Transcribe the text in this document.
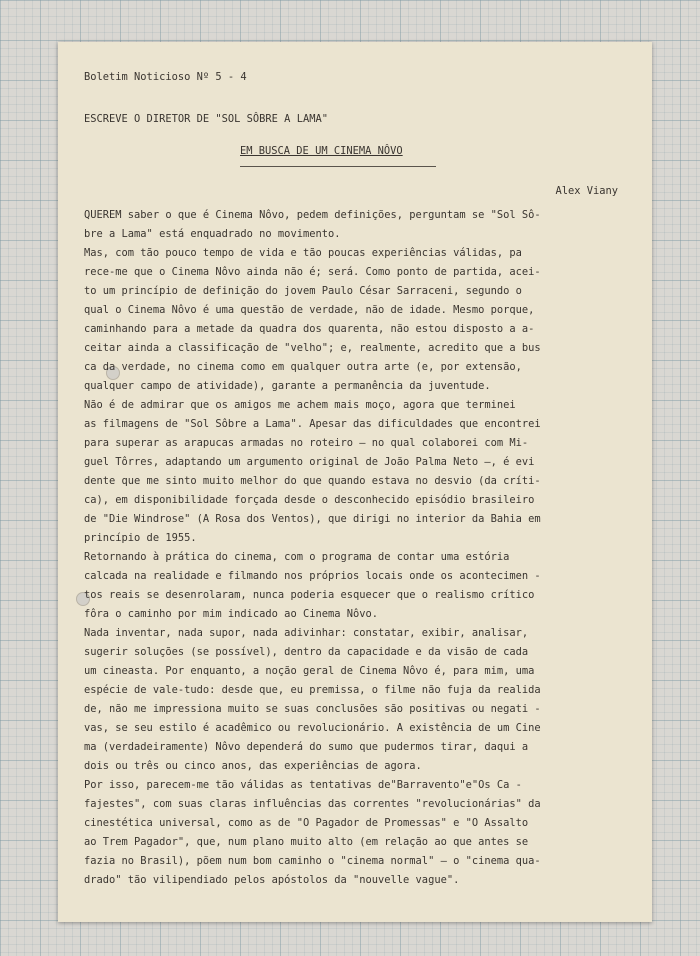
Boletim Noticioso Nº 5 - 4
ESCREVE O DIRETOR DE "SOL SÔBRE A LAMA"
EM BUSCA DE UM CINEMA NÔVO
Alex Viany
QUEREM saber o que é Cinema Nôvo, pedem definições, perguntam se "Sol Sô-
bre a Lama" está enquadrado no movimento.
Mas, com tão pouco tempo de vida e tão poucas experiências válidas, pa
rece-me que o Cinema Nôvo ainda não é; será. Como ponto de partida, acei-
to um princípio de definição do jovem Paulo César Sarraceni, segundo o
qual o Cinema Nôvo é uma questão de verdade, não de idade. Mesmo porque,
caminhando para a metade da quadra dos quarenta, não estou disposto a a-
ceitar ainda a classificação de "velho"; e, realmente, acredito que a bus
ca da verdade, no cinema como em qualquer outra arte (e, por extensão,
qualquer campo de atividade), garante a permanência da juventude.
Não é de admirar que os amigos me achem mais moço, agora que terminei
as filmagens de "Sol Sôbre a Lama". Apesar das dificuldades que encontrei
para superar as arapucas armadas no roteiro — no qual colaborei com Mi-
guel Tôrres, adaptando um argumento original de João Palma Neto —, é evi
dente que me sinto muito melhor do que quando estava no desvio (da críti-
ca), em disponibilidade forçada desde o desconhecido episódio brasileiro
de "Die Windrose" (A Rosa dos Ventos), que dirigi no interior da Bahia em
princípio de 1955.
Retornando à prática do cinema, com o programa de contar uma estória
calcada na realidade e filmando nos próprios locais onde os acontecimen -
tos reais se desenrolaram, nunca poderia esquecer que o realismo crítico
fôra o caminho por mim indicado ao Cinema Nôvo.
Nada inventar, nada supor, nada adivinhar: constatar, exibir, analisar,
sugerir soluções (se possível), dentro da capacidade e da visão de cada
um cineasta. Por enquanto, a noção geral de Cinema Nôvo é, para mim, uma
espécie de vale-tudo: desde que, eu premissa, o filme não fuja da realida
de, não me impressiona muito se suas conclusões são positivas ou negati -
vas, se seu estilo é acadêmico ou revolucionário. A existência de um Cine
ma (verdadeiramente) Nôvo dependerá do sumo que pudermos tirar, daqui a
dois ou três ou cinco anos, das experiências de agora.
Por isso, parecem-me tão válidas as tentativas de"Barravento"e"Os Ca -
fajestes", com suas claras influências das correntes "revolucionárias" da
cinestética universal, como as de "O Pagador de Promessas" e "O Assalto
ao Trem Pagador", que, num plano muito alto (em relação ao que antes se
fazia no Brasil), põem num bom caminho o "cinema normal" — o "cinema qua-
drado" tão vilipendiado pelos apóstolos da "nouvelle vague".
